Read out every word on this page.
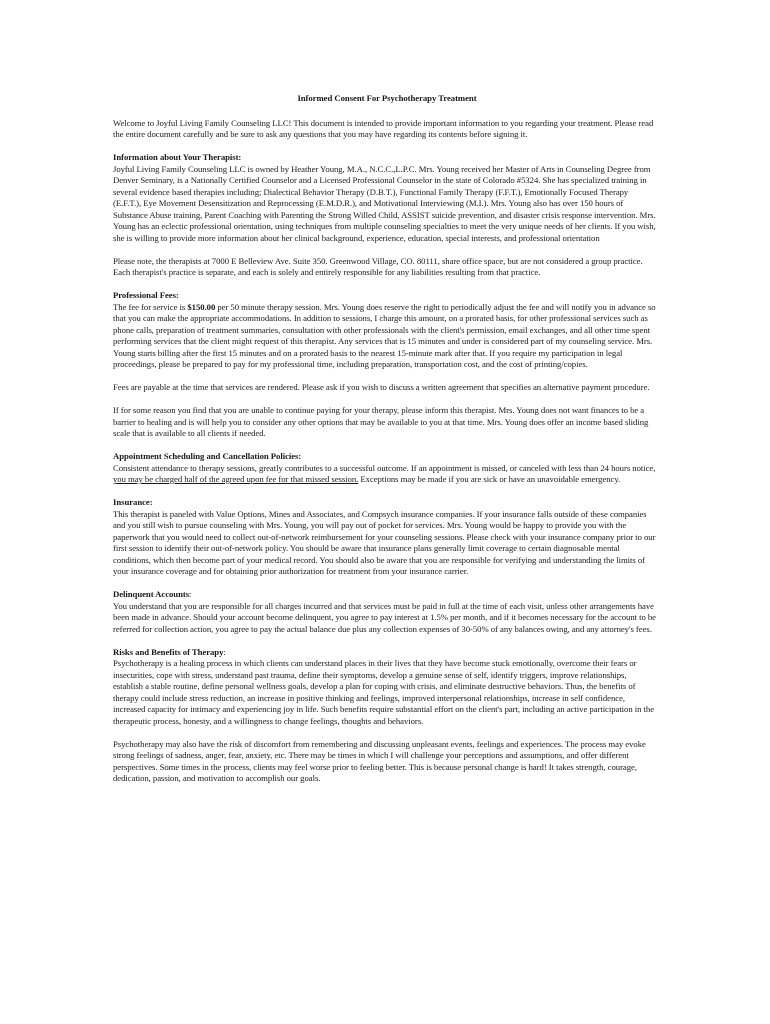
Informed Consent For Psychotherapy Treatment

Welcome to Joyful Living Family Counseling LLC! This document is intended to provide important information to you regarding your treatment. Please read the entire document carefully and be sure to ask any questions that you may have regarding its contents before signing it.

Information about Your Therapist:
Joyful Living Family Counseling LLC is owned by Heather Young, M.A., N.C.C.,L.P.C. Mrs. Young received her Master of Arts in Counseling Degree from Denver Seminary, is a Nationally Certified Counselor and a Licensed Professional Counselor in the state of Colorado #5324. She has specialized training in several evidence based therapies including; Dialectical Behavior Therapy (D.B.T.), Functional Family Therapy (F.F.T.), Emotionally Focused Therapy (E.F.T.), Eye Movement Desensitization and Reprocessing (E.M.D.R.), and Motivational Interviewing (M.I.). Mrs. Young also has over 150 hours of Substance Abuse training, Parent Coaching with Parenting the Strong Willed Child, ASSIST suicide prevention, and disaster crisis response intervention. Mrs. Young has an eclectic professional orientation, using techniques from multiple counseling specialties to meet the very unique needs of her clients. If you wish, she is willing to provide more information about her clinical background, experience, education, special interests, and professional orientation

Please note, the therapists at 7000 E Belleview Ave. Suite 350. Greenwood Village, CO. 80111, share office space, but are not considered a group practice. Each therapist's practice is separate, and each is solely and entirely responsible for any liabilities resulting from that practice.

Professional Fees:
The fee for service is $150.00 per 50 minute therapy session. Mrs. Young does reserve the right to periodically adjust the fee and will notify you in advance so that you can make the appropriate accommodations. In addition to sessions, I charge this amount, on a prorated basis, for other professional services such as phone calls, preparation of treatment summaries, consultation with other professionals with the client's permission, email exchanges, and all other time spent performing services that the client might request of this therapist. Any services that is 15 minutes and under is considered part of my counseling service. Mrs. Young starts billing after the first 15 minutes and on a prorated basis to the nearest 15-minute mark after that. If you require my participation in legal proceedings, please be prepared to pay for my professional time, including preparation, transportation cost, and the cost of printing/copies.

Fees are payable at the time that services are rendered. Please ask if you wish to discuss a written agreement that specifies an alternative payment procedure.

If for some reason you find that you are unable to continue paying for your therapy, please inform this therapist. Mrs. Young does not want finances to be a barrier to healing and is will help you to consider any other options that may be available to you at that time. Mrs. Young does offer an income based sliding scale that is available to all clients if needed.

Appointment Scheduling and Cancellation Policies:
Consistent attendance to therapy sessions, greatly contributes to a successful outcome. If an appointment is missed, or canceled with less than 24 hours notice, you may be charged half of the agreed upon fee for that missed session. Exceptions may be made if you are sick or have an unavoidable emergency.

Insurance:
This therapist is paneled with Value Options, Mines and Associates, and Compsych insurance companies. If your insurance falls outside of these companies and you still wish to pursue counseling with Mrs. Young, you will pay out of pocket for services. Mrs. Young would be happy to provide you with the paperwork that you would need to collect out-of-network reimbursement for your counseling sessions. Please check with your insurance company prior to our first session to identify their out-of-network policy. You should be aware that insurance plans generally limit coverage to certain diagnosable mental conditions, which then become part of your medical record. You should also be aware that you are responsible for verifying and understanding the limits of your insurance coverage and for obtaining prior authorization for treatment from your insurance carrier.

Delinquent Accounts:
You understand that you are responsible for all charges incurred and that services must be paid in full at the time of each visit, unless other arrangements have been made in advance. Should your account become delinquent, you agree to pay interest at 1.5% per month, and if it becomes necessary for the account to be referred for collection action, you agree to pay the actual balance due plus any collection expenses of 30-50% of any balances owing, and any attorney's fees.

Risks and Benefits of Therapy:
Psychotherapy is a healing process in which clients can understand places in their lives that they have become stuck emotionally, overcome their fears or insecurities, cope with stress, understand past trauma, define their symptoms, develop a genuine sense of self, identify triggers, improve relationships, establish a stable routine, define personal wellness goals, develop a plan for coping with crisis, and eliminate destructive behaviors. Thus, the benefits of therapy could include stress reduction, an increase in positive thinking and feelings, improved interpersonal relationships, increase in self confidence, increased capacity for intimacy and experiencing joy in life. Such benefits require substantial effort on the client's part, including an active participation in the therapeutic process, honesty, and a willingness to change feelings, thoughts and behaviors.

Psychotherapy may also have the risk of discomfort from remembering and discussing unpleasant events, feelings and experiences. The process may evoke strong feelings of sadness, anger, fear, anxiety, etc. There may be times in which I will challenge your perceptions and assumptions, and offer different perspectives. Some times in the process, clients may feel worse prior to feeling better. This is because personal change is hard! It takes strength, courage, dedication, passion, and motivation to accomplish our goals.
